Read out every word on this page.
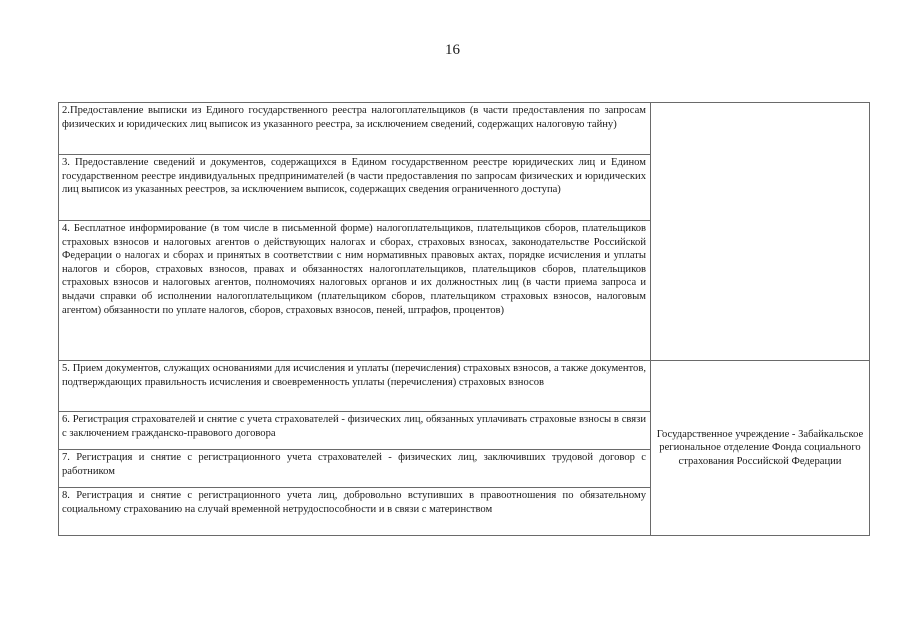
16
2.Предоставление выписки из Единого государственного реестра налогоплательщиков (в части предоставления по запросам физических и юридических лиц выписок из указанного реестра, за исключением сведений, содержащих налоговую тайну)	

3. Предоставление сведений и документов, содержащихся в Едином государственном реестре юридических лиц и Едином государственном реестре индивидуальных предпринимателей (в части предоставления по запросам физических и юридических лиц выписок из указанных реестров, за исключением выписок, содержащих сведения ограниченного доступа)	

4. Бесплатное информирование (в том числе в письменной форме) налогоплательщиков, плательщиков сборов, плательщиков страховых взносов и налоговых агентов о действующих налогах и сборах, страховых взносах, законодательстве Российской Федерации о налогах и сборах и принятых в соответствии с ним нормативных правовых актах, порядке исчисления и уплаты налогов и сборов, страховых взносов, правах и обязанностях налогоплательщиков, плательщиков сборов, плательщиков страховых взносов и налоговых агентов, полномочиях налоговых органов и их должностных лиц (в части приема запроса и выдачи справки об исполнении налогоплательщиком (плательщиком сборов, плательщиком страховых взносов, налоговым агентом) обязанности по уплате налогов, сборов, страховых взносов, пеней, штрафов, процентов)	

5. Прием документов, служащих основаниями для исчисления и уплаты (перечисления) страховых взносов, а также документов, подтверждающих правильность исчисления и своевременность уплаты (перечисления) страховых взносов	Государственное учреждение - Забайкальское региональное отделение Фонда социального страхования Российской Федерации

6. Регистрация страхователей и снятие с учета страхователей - физических лиц, обязанных уплачивать страховые взносы в связи с заключением гражданско-правового договора	

7. Регистрация и снятие с регистрационного учета страхователей - физических лиц, заключивших трудовой договор с работником	

8. Регистрация и снятие с регистрационного учета лиц, добровольно вступивших в правоотношения по обязательному социальному страхованию на случай временной нетрудоспособности и в связи с материнством	
